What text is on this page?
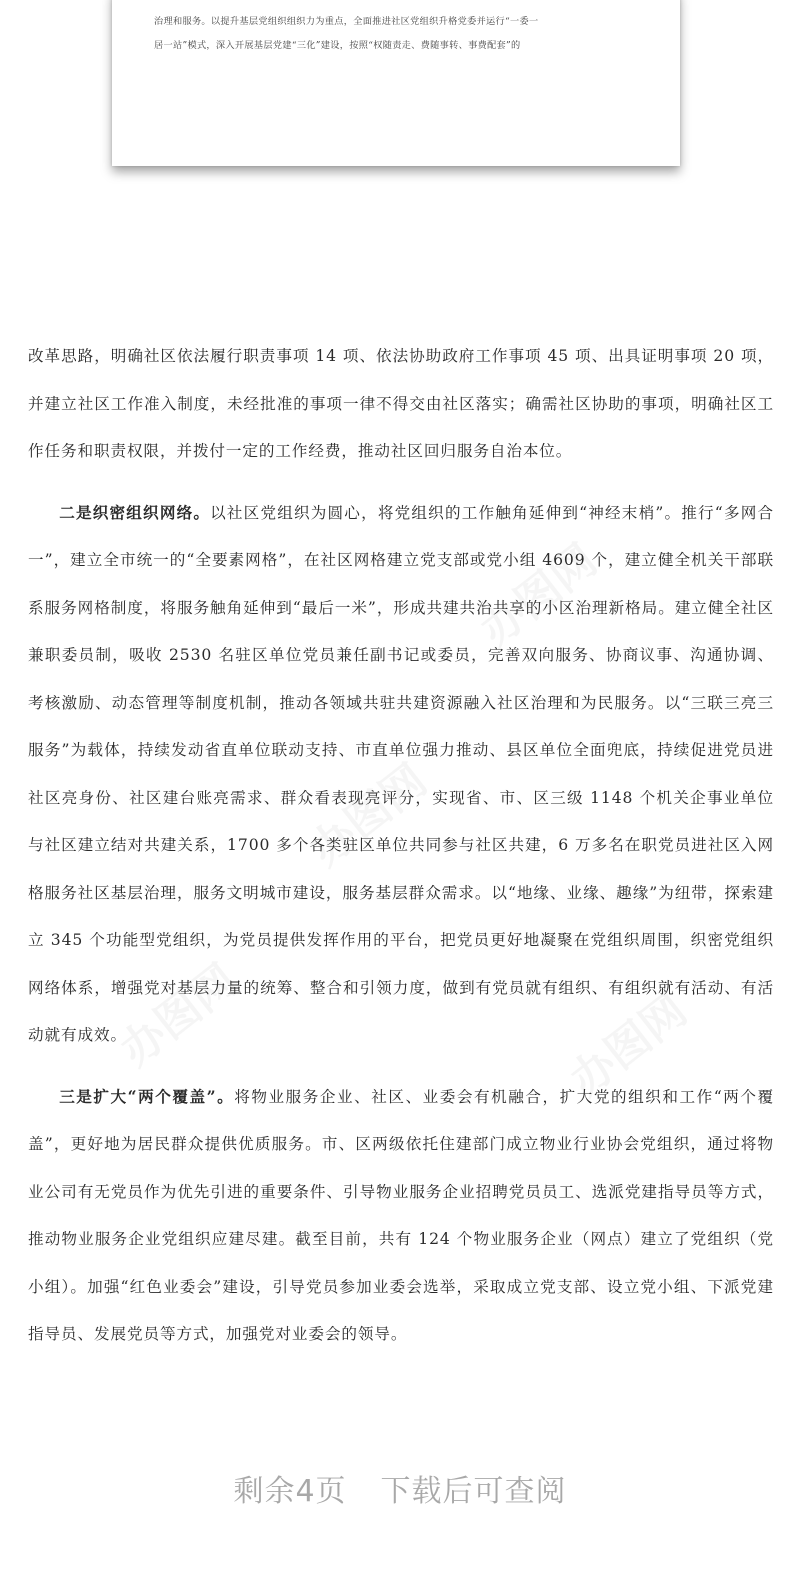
治理和服务。以提升基层党组织组织力为重点，全面推进社区党组织升格党委并运行“一委一

居一站”模式，深入开展基层党建“三化”建设，按照“权随责走、费随事转、事费配套”的

办图网
办图网
办图网
办图网

改革思路，明确社区依法履行职责事项 14 项、依法协助政府工作事项 45 项、出具证明事项 20 项，并建立社区工作准入制度，未经批准的事项一律不得交由社区落实；确需社区协助的事项，明确社区工作任务和职责权限，并拨付一定的工作经费，推动社区回归服务自治本位。

二是织密组织网络。以社区党组织为圆心，将党组织的工作触角延伸到“神经末梢”。推行“多网合一”，建立全市统一的“全要素网格”，在社区网格建立党支部或党小组 4609 个，建立健全机关干部联系服务网格制度，将服务触角延伸到“最后一米”，形成共建共治共享的小区治理新格局。建立健全社区兼职委员制，吸收 2530 名驻区单位党员兼任副书记或委员，完善双向服务、协商议事、沟通协调、考核激励、动态管理等制度机制，推动各领域共驻共建资源融入社区治理和为民服务。以“三联三亮三服务”为载体，持续发动省直单位联动支持、市直单位强力推动、县区单位全面兜底，持续促进党员进社区亮身份、社区建台账亮需求、群众看表现亮评分，实现省、市、区三级 1148 个机关企事业单位与社区建立结对共建关系，1700 多个各类驻区单位共同参与社区共建，6 万多名在职党员进社区入网格服务社区基层治理，服务文明城市建设，服务基层群众需求。以“地缘、业缘、趣缘”为纽带，探索建立 345 个功能型党组织，为党员提供发挥作用的平台，把党员更好地凝聚在党组织周围，织密党组织网络体系，增强党对基层力量的统筹、整合和引领力度，做到有党员就有组织、有组织就有活动、有活动就有成效。

三是扩大“两个覆盖”。将物业服务企业、社区、业委会有机融合，扩大党的组织和工作“两个覆盖”，更好地为居民群众提供优质服务。市、区两级依托住建部门成立物业行业协会党组织，通过将物业公司有无党员作为优先引进的重要条件、引导物业服务企业招聘党员员工、选派党建指导员等方式，推动物业服务企业党组织应建尽建。截至目前，共有 124 个物业服务企业（网点）建立了党组织（党小组）。加强“红色业委会”建设，引导党员参加业委会选举，采取成立党支部、设立党小组、下派党建指导员、发展党员等方式，加强党对业委会的领导。

剩余4页 下载后可查阅
